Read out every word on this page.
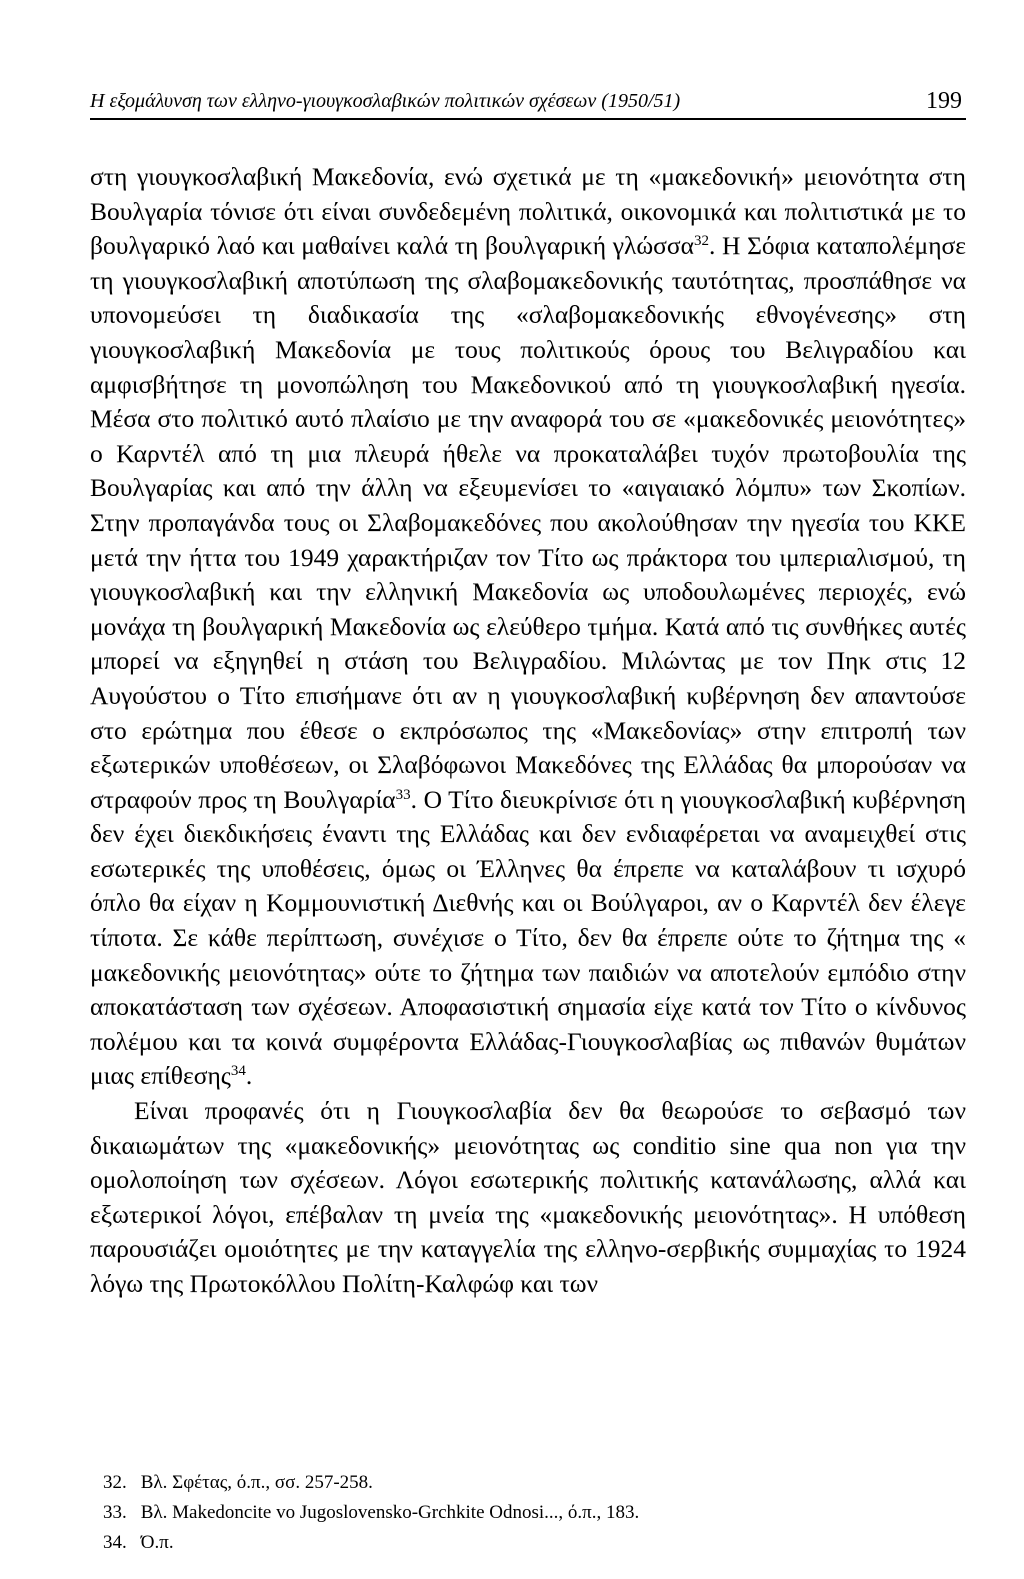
Η εξομάλυνση των ελληνο-γιουγκοσλαβικών πολιτικών σχέσεων (1950/51)	199

στη γιουγκοσλαβική Μακεδονία, ενώ σχετικά με τη «μακεδονική» μειονότητα στη Βουλγαρία τόνισε ότι είναι συνδεδεμένη πολιτικά, οικονομικά και πολιτιστικά με το βουλγαρικό λαό και μαθαίνει καλά τη βουλγαρική γλώσσα$^{32}$. Η Σόφια καταπολέμησε τη γιουγκοσλαβική αποτύπωση της σλαβομακεδονικής ταυτότητας, προσπάθησε να υπονομεύσει τη διαδικασία της «σλαβομακεδονικής εθνογένεσης» στη γιουγκοσλαβική Μακεδονία με τους πολιτικούς όρους του Βελιγραδίου και αμφισβήτησε τη μονοπώληση του Μακεδονικού από τη γιουγκοσλαβική ηγεσία. Μέσα στο πολιτικό αυτό πλαίσιο με την αναφορά του σε «μακεδονικές μειονότητες» ο Καρντέλ από τη μια πλευρά ήθελε να προκαταλάβει τυχόν πρωτοβουλία της Βουλγαρίας και από την άλλη να εξευμενίσει το «αιγαιακό λόμπυ» των Σκοπίων. Στην προπαγάνδα τους οι Σλαβομακεδόνες που ακολούθησαν την ηγεσία του ΚΚΕ μετά την ήττα του 1949 χαρακτήριζαν τον Τίτο ως πράκτορα του ιμπεριαλισμού, τη γιουγκοσλαβική και την ελληνική Μακεδονία ως υποδουλωμένες περιοχές, ενώ μονάχα τη βουλγαρική Μακεδονία ως ελεύθερο τμήμα. Κατά από τις συνθήκες αυτές μπορεί να εξηγηθεί η στάση του Βελιγραδίου. Μιλώντας με τον Πηκ στις 12 Αυγούστου ο Τίτο επισήμανε ότι αν η γιουγκοσλαβική κυβέρνηση δεν απαντούσε στο ερώτημα που έθεσε ο εκπρόσωπος της «Μακεδονίας» στην επιτροπή των εξωτερικών υποθέσεων, οι Σλαβόφωνοι Μακεδόνες της Ελλάδας θα μπορούσαν να στραφούν προς τη Βουλγαρία$^{33}$. Ο Τίτο διευκρίνισε ότι η γιουγκοσλαβική κυβέρνηση δεν έχει διεκδικήσεις έναντι της Ελλάδας και δεν ενδιαφέρεται να αναμειχθεί στις εσωτερικές της υποθέσεις, όμως οι Έλληνες θα έπρεπε να καταλάβουν τι ισχυρό όπλο θα είχαν η Κομμουνιστική Διεθνής και οι Βούλγαροι, αν ο Καρντέλ δεν έλεγε τίποτα. Σε κάθε περίπτωση, συνέχισε ο Τίτο, δεν θα έπρεπε ούτε το ζήτημα της « μακεδονικής μειονότητας» ούτε το ζήτημα των παιδιών να αποτελούν εμπόδιο στην αποκατάσταση των σχέσεων. Αποφασιστική σημασία είχε κατά τον Τίτο ο κίνδυνος πολέμου και τα κοινά συμφέροντα Ελλάδας-Γιουγκοσλαβίας ως πιθανών θυμάτων μιας επίθεσης$^{34}$.

Είναι προφανές ότι η Γιουγκοσλαβία δεν θα θεωρούσε το σεβασμό των δικαιωμάτων της «μακεδονικής» μειονότητας ως conditio sine qua non για την ομολοποίηση των σχέσεων. Λόγοι εσωτερικής πολιτικής κατανάλωσης, αλλά και εξωτερικοί λόγοι, επέβαλαν τη μνεία της «μακεδονικής μειονότητας». Η υπόθεση παρουσιάζει ομοιότητες με την καταγγελία της ελληνο-σερβικής συμμαχίας το 1924 λόγω της Πρωτοκόλλου Πολίτη-Καλφώφ και των

32. Βλ. Σφέτας, ό.π., σσ. 257-258.
33. Βλ. Makedoncite vo Jugoslovensko-Grchkite Odnosi..., ό.π., 183.
34. Ό.π.
